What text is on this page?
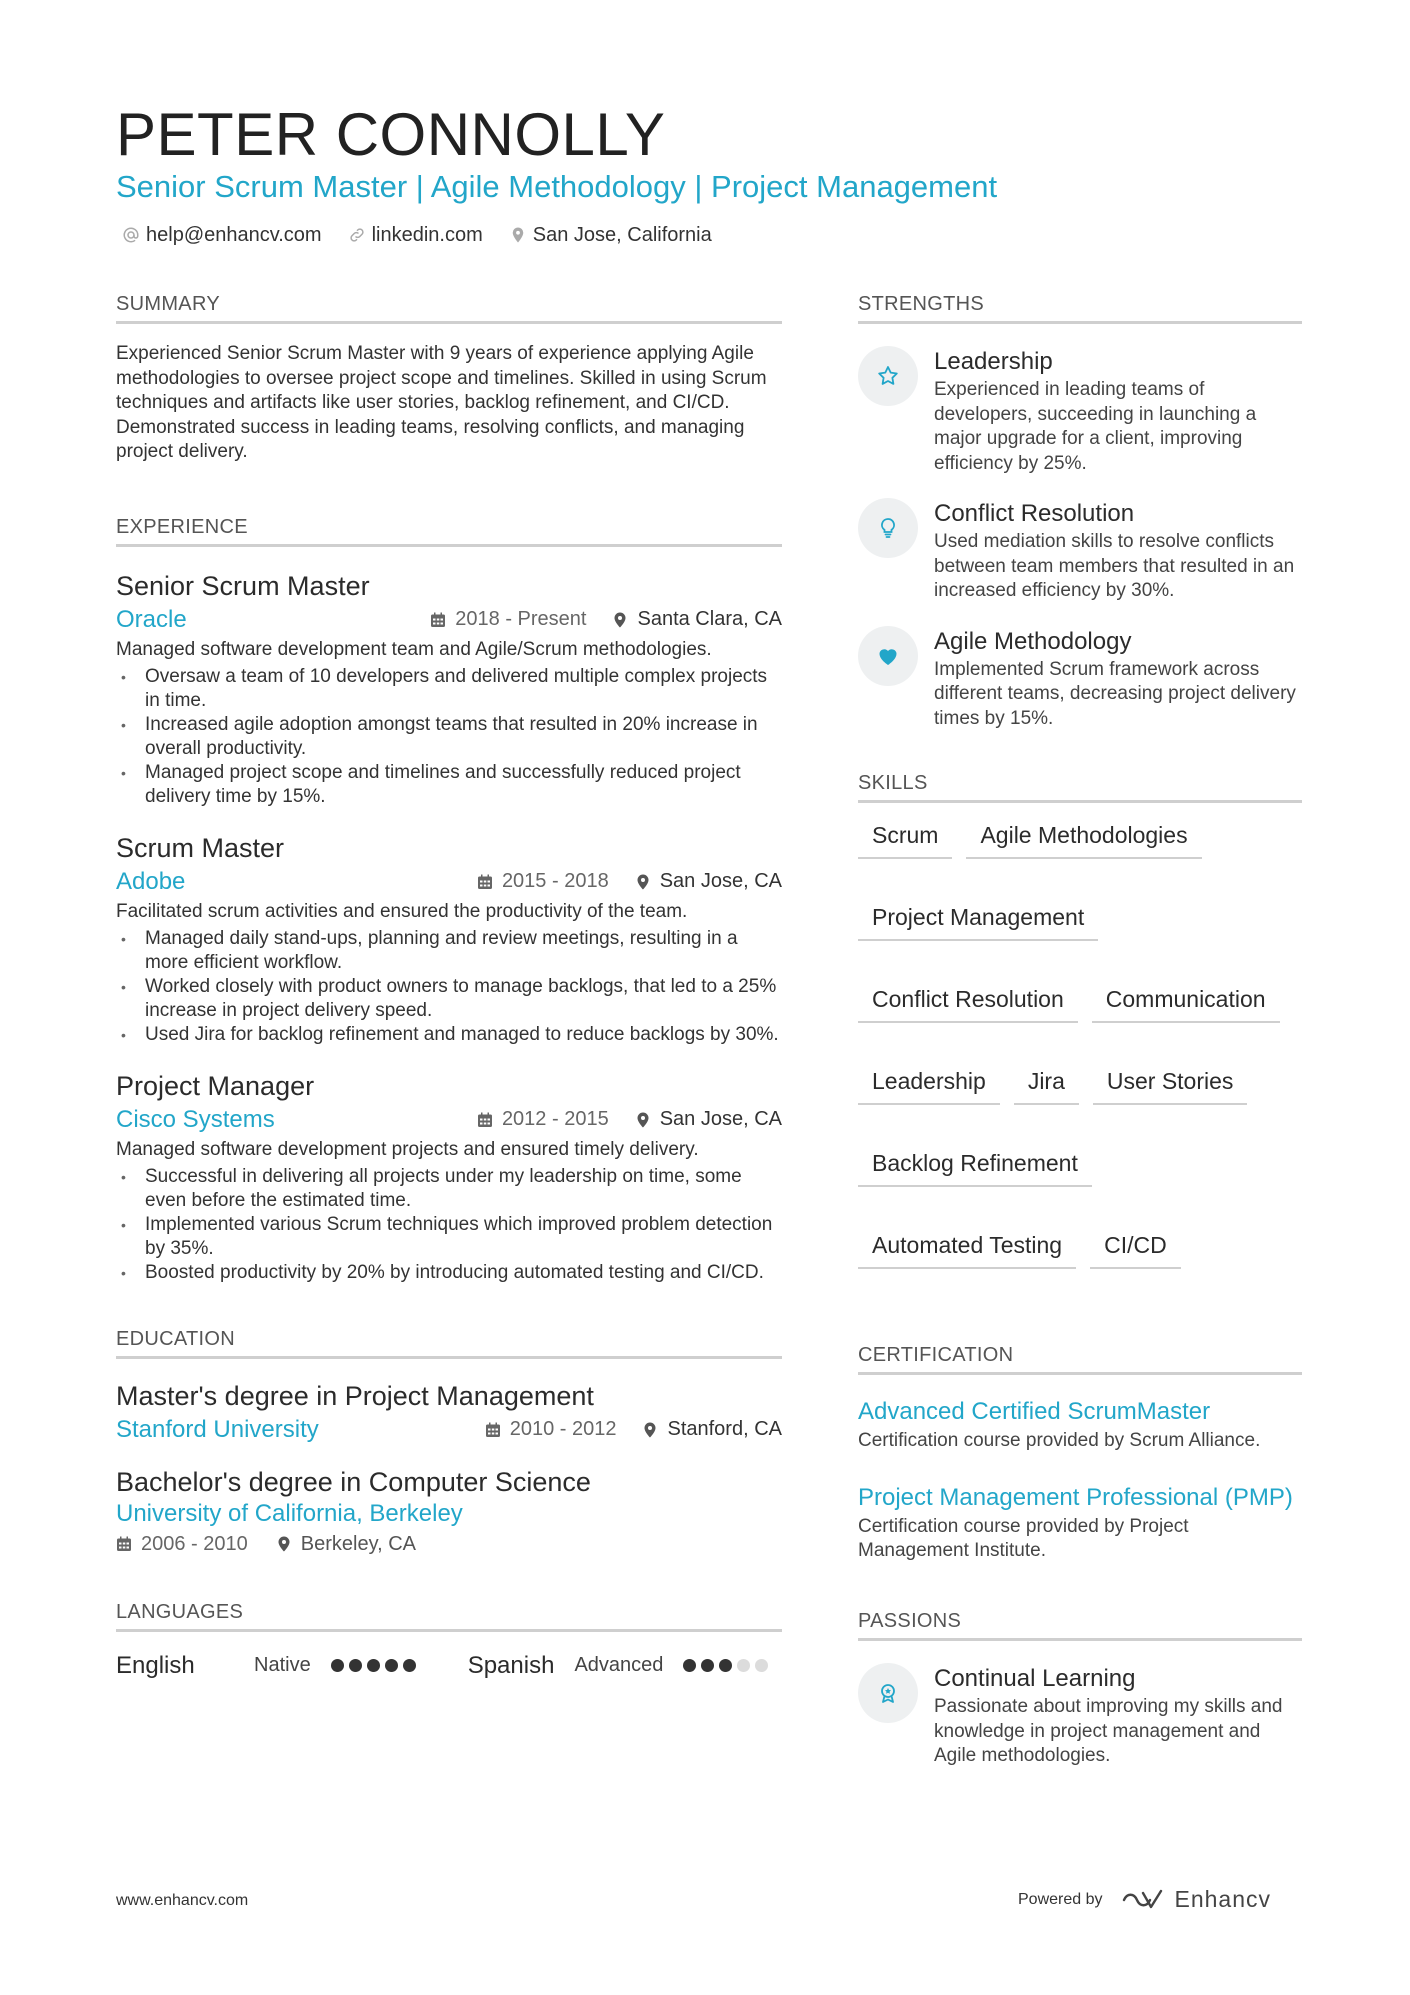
PETER CONNOLLY
Senior Scrum Master | Agile Methodology | Project Management
help@enhancv.com	linkedin.com	San Jose, California
SUMMARY
Experienced Senior Scrum Master with 9 years of experience applying Agile methodologies to oversee project scope and timelines. Skilled in using Scrum techniques and artifacts like user stories, backlog refinement, and CI/CD. Demonstrated success in leading teams, resolving conflicts, and managing project delivery.
EXPERIENCE
Senior Scrum Master
Oracle	2018 - Present	Santa Clara, CA
Managed software development team and Agile/Scrum methodologies.
• Oversaw a team of 10 developers and delivered multiple complex projects in time.
• Increased agile adoption amongst teams that resulted in 20% increase in overall productivity.
• Managed project scope and timelines and successfully reduced project delivery time by 15%.
Scrum Master
Adobe	2015 - 2018	San Jose, CA
Facilitated scrum activities and ensured the productivity of the team.
• Managed daily stand-ups, planning and review meetings, resulting in a more efficient workflow.
• Worked closely with product owners to manage backlogs, that led to a 25% increase in project delivery speed.
• Used Jira for backlog refinement and managed to reduce backlogs by 30%.
Project Manager
Cisco Systems	2012 - 2015	San Jose, CA
Managed software development projects and ensured timely delivery.
• Successful in delivering all projects under my leadership on time, some even before the estimated time.
• Implemented various Scrum techniques which improved problem detection by 35%.
• Boosted productivity by 20% by introducing automated testing and CI/CD.
EDUCATION
Master's degree in Project Management
Stanford University	2010 - 2012	Stanford, CA
Bachelor's degree in Computer Science
University of California, Berkeley
2006 - 2010	Berkeley, CA
LANGUAGES
English	Native	Spanish Advanced
STRENGTHS
Leadership
Experienced in leading teams of developers, succeeding in launching a major upgrade for a client, improving efficiency by 25%.
Conflict Resolution
Used mediation skills to resolve conflicts between team members that resulted in an increased efficiency by 30%.
Agile Methodology
Implemented Scrum framework across different teams, decreasing project delivery times by 15%.
SKILLS
Scrum	Agile Methodologies
Project Management
Conflict Resolution	Communication
Leadership	Jira	User Stories
Backlog Refinement
Automated Testing	CI/CD
CERTIFICATION
Advanced Certified ScrumMaster
Certification course provided by Scrum Alliance.
Project Management Professional (PMP)
Certification course provided by Project Management Institute.
PASSIONS
Continual Learning
Passionate about improving my skills and knowledge in project management and Agile methodologies.
www.enhancv.com	Powered by	Enhancv
